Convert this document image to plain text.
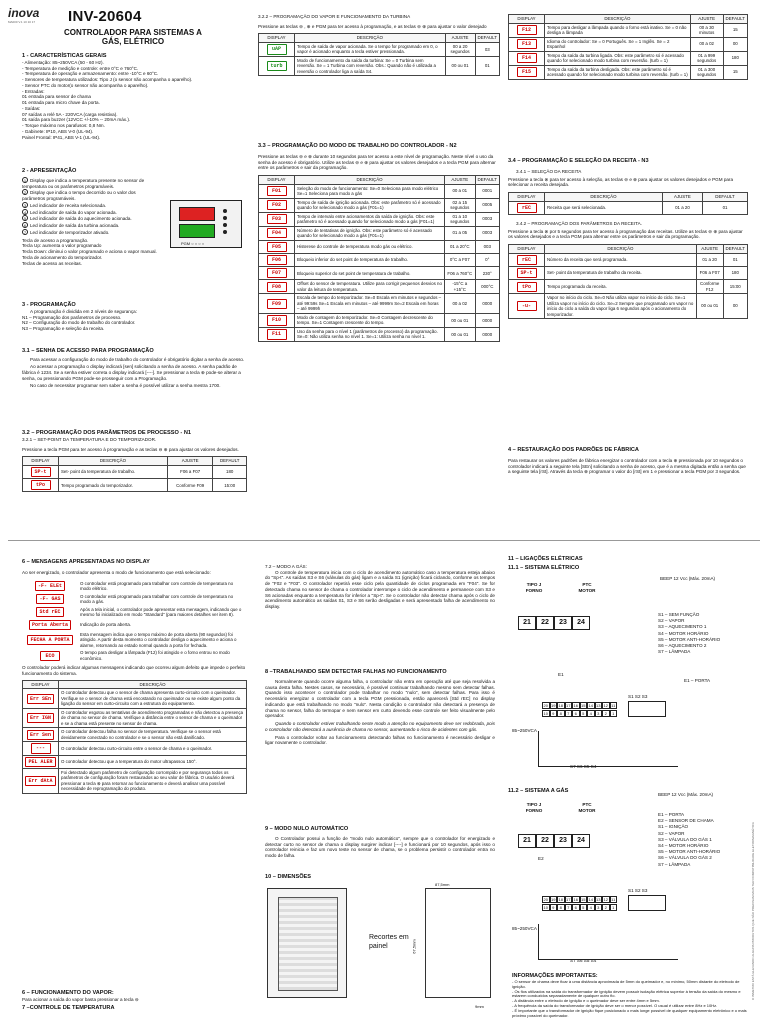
inova
MA000 V.1 10 10 17	INV-20604
CONTROLADOR PARA SISTEMAS A GÁS, ELÉTRICO
1 - CARACTERÍSTICAS GERAIS
- Alimentação: 85~250VCA (50 - 60 Hz).
- Temperatura de medição e controle: entre 0°C e 760°C.
- Temperatura de operação e armazenamento: entre -10°C e 60°C.
- Sensores de temperatura utilizados: Tipo J (o sensor não acompanha o aparelho).
- Sensor PTC do motor(o sensor não acompanha o aparelho).
- Entradas:
01 entrada para sensor de chama
01 entrada para micro chave da porta.
- Saídas:
07 saídas a relé 5A - 220VCA (carga resistiva).
01 saída para buzzer (12VCC +/-10% -- 20mA máx.).
- Torque máximo nos parafusos: 0,8 Nm.
- Gabinete: IP10, ABS V-0 (UL-94).
Painel Frontal: IP41, ABS V-1 (UL-94).
2 - APRESENTAÇÃO
1 Display que indica a temperatura presente no sensor de temperatura ou os parâmetros programáveis.
2 Display que indica o tempo decorrido ou o valor dos parâmetros programáveis.
3 Led indicador de receita selecionada.
4 Led indicador de saída do vapor acionada.
5 Led indicador de saída do aquecimento acionada.
6 Led indicador de saída da turbina acionada.
7 Led indicador de temporizador ativado.
Tecla de acesso a programação.
Tecla Up: aumenta o valor programado
Tecla Down: diminui o valor programado e aciona o vapor manual.
Tecla de acionamento do temporizador.
Teclas de acesso as receitas.
PGM ○ ○ ○ ○
3 - PROGRAMAÇÃO
A programação é dividida em 2 níveis de segurança:
N1 – Programação dos parâmetros de processo.
N2 – Configuração do modo de trabalho do controlador.
N3 – Programação e seleção da receita.
3.1 – SENHA DE ACESSO PARA PROGRAMAÇÃO

Para acessar a configuração do modo de trabalho do controlador é obrigatório digitar a senha de acesso.

Ao acessar a programação o display indicará [sen] solicitando a senha de acesso. A senha padrão de fábrica é 1234. Se a senha estiver correta o display indicará [----]. Se pressionar a tecla ⊕ pode-se alterar a senha, ou pressionando PGM pode-se prosseguir com a Programação.

No caso de necessitar programar sem saber a senha é possível utilizar a senha mestra 1700.

3.2 – PROGRAMAÇÃO DOS PARÂMETROS DE PROCESSO - N1
3.2.1 – SET-POINT DA TEMPERATURA E DO TEMPORIZADOR.
Pressione a tecla PGM para ter acesso à programação e as teclas ⊖ ⊕ para ajustar os valores desejados.
DISPLAY	DESCRIÇÃO	AJUSTE	DEFAULT
SP-t	Set- point da temperatura de trabalho.	F06 a F07	180
tPo	Tempo programado do temporizador.	Conforme F09	15:00
3.2.2 – PROGRAMAÇÃO DO VAPOR E FUNCIONAMENTO DA TURBINA
Pressione as teclas ⊖ , ⊕ e PGM para ter acesso à programação, e as teclas ⊖ ⊕ para ajustar o valor desejado
DISPLAY	DESCRIÇÃO	AJUSTE	DEFAULT
uAP	Tempo de saída de vapor acionada. Se o tempo for programado em 0, o vapor é acionado enquanto a tecla estiver pressionada.	00 a 20 segundos	03
turb	Modo de funcionamento da saída da turbina: Se = 0 Turbina sem reversão. Se = 1 Turbina com reversão. Obs.: Quando não é utilizada a reversão o controlador liga a saída S4.	00 ou 01	01
3.3 – PROGRAMAÇÃO DO MODO DE TRABALHO DO CONTROLADOR - N2
Pressione as teclas ⊖ e ⊕ durante 10 segundos para ter acesso a este nível de programação. Neste nível o uso da senha de acesso é obrigatório. Utilize as teclas ⊖ e ⊕ para ajustar os valores desejados e a tecla PGM para alternar entre os parâmetros e sair da programação.
DISPLAY	DESCRIÇÃO	AJUSTE	DEFAULT
F01	Seleção do modo de funcionamento: Se=0 Seleciona para modo elétrico Se=1 Seleciona para modo a gás	00 a 01	0001
F02	Tempo de saída de ignição acionada. Obs: este parâmetro só é acessado quando for selecionado modo a gás (F01=1)	02 a 15 segundos	0005
F03	Tempo de intervalo entre acionamentos da saída de ignição. Obs: este parâmetro só é acessado quando for selecionado modo a gás (F01=1)	01 a 10 segundos	0003
F04	Número de tentativas de ignição. Obs: este parâmetro só é acessado quando for selecionado modo a gás (F01=1)	01 a 05	0003
F05	Histerese do controle de temperatura modo gás ou elétrico.	01 a 20°C	003
F06	Bloqueio inferior do set point de temperatura de trabalho.	0°C a F07	0°
F07	Bloqueio superior do set point de temperatura de trabalho.	F06 a 760°C	230°
F08	Offset do sensor de temperatura. Utilize para corrigir pequenos desvios no valor da leitura de temperatura.	-15°C a +15°C	000°C
F09	Escala de tempo do temporizador. Se=0 Escala em minutos e segundos – até 99:59s Se=1 Escala em minutos – até 9999m Se=2 Escala em horas – até 9999h	00 a 02	0000
F10	Modo de contagem do temporizador. Se=0 Contagem decrescente do tempo. Se=1 Contagem crescente do tempo.	00 ou 01	0000
F11	Uso da senha para o nível 1 (parâmetros de processo) da programação. Se=0: Não utiliza senha no nível 1. Se=1: Utiliza senha no nível 1.	00 ou 01	0000
DISPLAY	DESCRIÇÃO	AJUSTE	DEFAULT
F12	Tempo para desligar a lâmpada quando o forno está inativo. Se = 0 não desliga a lâmpada	00 a 30 minutos	15
F13	Idioma do controlador: Se = 0 Português. Se = 1 Inglês. Se = 2 Espanhol	00 a 02	00
F14	Tempo da saída da turbina ligada. Obs: este parâmetro só é acessado quando for selecionado modo turbina com reversão. (turb = 1)	01 a 999 segundos	180
F15	Tempo da saída da turbina desligada. Obs: este parâmetro só é acessado quando for selecionado modo turbina com reversão. (turb = 1)	01 a 300 segundos	15
3.4 – PROGRAMAÇÃO E SELEÇÃO DA RECEITA - N3
3.4.1 – SELEÇÃO DA RECEITA
Pressione a tecla ⊗ para ter acesso à seleção, as teclas ⊖ e ⊕ para ajustar os valores desejados e PGM para selecionar a receita desejada.
DISPLAY	DESCRIÇÃO	AJUSTE	DEFAULT
rEC	Receita que será selecionada.	01 a 20	01
3.4.2 – PROGRAMAÇÃO DOS PARÂMETROS DA RECEITA.
Pressione a tecla ⊗ por 5 segundos para ter acesso à programação das receitas. Utilize as teclas ⊖ ⊕ para ajustar os valores desejados e a tecla PGM para alternar entre os parâmetros e sair da programação.
DISPLAY	DESCRIÇÃO	AJUSTE	DEFAULT
rEC	Número da receita que será programada.	01 a 20	01
SP-t	Set- point da temperatura de trabalho da receita.	F06 a F07	180
tPo	Tempo programado da receita.	Conforme F12	15:00
-u-	Vapor no início do ciclo. Se=0 Não utiliza vapor no início do ciclo. Se=1 Utiliza vapor no início do ciclo. Se=2 Sempre que programado um vapor no início do ciclo a saída do vapor liga 6 segundos após o acionamento do temporizador.	00 ou 01	00
4 – RESTAURAÇÃO DOS PADRÕES DE FÁBRICA
Para restaurar os valores padrões de fábrica energizar o controlador com a tecla ⊕ pressionada por 10 segundos o controlador indicará a seguinte tela [SEn] solicitando a senha de acesso, que é a mesma digitada então a senha que a seguinte tela [rSt]. Através da tecla ⊕ programar o valor do [rSt] em 1 e pressionar a tecla PGM por 3 segundos.
6 – MENSAGENS APRESENTADAS NO DISPLAY
Ao ser energizado, o controlador apresenta o modo de funcionamento que está selecionado:

-F- ELEt	O controlador está programado para trabalhar com controle de temperatura no modo elétrico.
-F- GAS	O controlador está programado para trabalhar com controle de temperatura no modo a gás.
Std rEC	Após a tela inicial, o controlador pode apresentar esta mensagem, indicando que o mesmo foi inicializado em modo "Standard" (para maiores detalhes ver item 8).
Porta Aberta	Indicação de porta aberta.
FECHA A PORTA	Esta mensagem indica que o tempo máximo de porta aberta (90 segundos) foi atingido. A partir desta momento o controlador desliga o aquecimento e aciona o alarme, retornando ao estado normal quando a porta for fechada.
ECO	O tempo para desligar a lâmpada (F12) foi atingido e o forno entrou no modo econômico.
O controlador poderá indicar algumas mensagens indicando que ocorreu algum defeito que impede o perfeito funcionamento do sistema.
DISPLAY	DESCRIÇÃO
Err SEn	O controlador detectou que o sensor de chama apresenta curto-circuito com o queimador. Verifique se o sensor de chama está encostando no queimador ou se existe algum ponto da ligação do sensor em curto-circuito com a estrutura do equipamento.
Err IGN	O controlador esgotou as tentativas de acendimento programadas e não detectou a presença de chama no sensor de chama. Verifique a distância entre o sensor de chama e o queimador e se a chama está presente no sensor de chama.
Err Sen	O controlador detectou falha no sensor de temperatura. Verifique se o sensor está devidamente conectado no controlador e se o sensor não está danificado.
---	O controlador detectou curto-circuito entre o sensor de chama e o queimador.
PEL ALER	O controlador detectou que a temperatura do motor ultrapassou 150°.
Err dAtA	Foi detectado algum parâmetro de configuração corrompido e por segurança todos os parâmetros de configuração foram restaurados ao seu valor de fábrica. O usuário deverá pressionar a tecla ⊗ para retornar ao funcionamento e deverá analisar uma possível necessidade de reprogramação do produto.
6 – FUNCIONAMENTO DO VAPOR:
Para acionar a saída do vapor basta pressionar a tecla ⊖
7 –CONTROLE DE TEMPERATURA
7.2 – MODO A GÁS:
O controle de temperatura inicia com o ciclo de acendimento automático caso a temperatura esteja abaixo do "Sp-t". As saídas S3 e S6 (válvulas do gás) ligam e a saída S1 (ignição) ficará ciclando, conforme os tempos de "F02 e "F03". O controlador repetirá esse ciclo pela quantidade de ciclos programada em "F04". Se for detectado chama no sensor de chama o controlador interrompe o ciclo de acendimento e permanece com S3 e S6 acionadas enquanto a temperatura for inferior a "Sp-t". Se o controlador não detectar chama após o ciclo de acendimento automático as saídas S1, S3 e S6 serão desligadas e será apresentado falha de acendimento no display.
8 –TRABALHANDO SEM DETECTAR FALHAS NO FUNCIONAMENTO
Normalmente quando ocorre alguma falha, o controlador não entra em operação até que seja resolvida a causa desta falha. Nestes casos, se necessário, é possível continuar trabalhando mesmo sem detectar falhas. Quando isso acontecer o controlador pode trabalhar no modo "nulo", sem detectar falhas. Para isso é necessário energizar o controlador com a tecla PGM pressionada, então aparecerá [Std rEC] no display indicando que está trabalhando no modo "nulo". Nesta condição o controlador não detectará a presença de chama no sensor, falha do termopar e nem sensor em curto devendo esse controle ser feito visualmente pelo operador.
Quando o controlador estiver trabalhando neste modo a atenção no equipamento deve ser redobrada, pois o controlador não detectará a ausência de chama no sensor, aumentando o risco de acidentes com gás.
Para o controlador voltar ao funcionamento detectando falhas no funcionamento é necessário desligar e ligar novamente o controlador.
9 – MODO NULO AUTOMÁTICO
O Controlador possui a função de "modo nulo automático", sempre que o controlador for energizado e detectar curto no sensor de chama o display surgirer indicar [----] e funcionará por 10 segundos, após isso o controlador reinicia e faz um novo teste no sensor de chama, se o problema persistir o controlador entra no modo de falha.
10 – DIMENSÕES
Recortes em painel
87,5mm
67,5mm
9mm
11 – LIGAÇÕES ELÉTRICAS
11.1 – SISTEMA ELÉTRICO
BEEP 12 Vcc (Máx. 20mA)
TIPO J FORNO
PTC MOTOR
21 22 23 24
S1 – SEM FUNÇÃO
S2 – VAPOR
S3 – AQUECIMENTO 1
S4 – MOTOR HORÁRIO
S5 – MOTOR ANTI-HORÁRIO
S6 – AQUECIMENTO 2
S7 – LÂMPADA
E1 – PORTA
E1
20 19 18 17 16 15 14 13 12 11
10 9 8 7 6 5 4 3 2 1
S1 S2 S3
85~250VCA
S7 S6 S5 S4
11.2 – SISTEMA A GÁS
BEEP 12 Vcc (Máx. 20mA)
TIPO J FORNO
PTC MOTOR
21 22 23 24
E1 – PORTA
E2 – SENSOR DE CHAMA
S1 – IGNIÇÃO
S2 – VAPOR
S3 – VÁLVULA DO GÁS 1
S4 – MOTOR HORÁRIO
S5 – MOTOR ANTI-HORÁRIO
S6 – VÁLVULA DO GÁS 2
S7 – LÂMPADA
E2
20 19 18 17 16 15 14 13 12 11
10 9 8 7 6 5 4 3 2 1
S1 S2 S3
85~250VCA
S7 S6 S5 S4
INFORMAÇÕES IMPORTANTES:
- O sensor de chama deve ficar à uma distância aproximada de 5mm do queimador e, no mínimo, 50mm distante do eletrodo de ignição.
- Os fios utilizados na saída do transformador de ignição devem possuir isolação elétrica superior à tensão da saída do mesmo e estarem conduzidos separadamente de qualquer outro fio.
- A distância entre o eletrodo de ignição e o queimador deve ser entre 4mm e 5mm.
- A frequência da saída do transformador de ignição deve ser o menor possível. O usual é utilizar entre 8Hz e 10Hz.
- É importante que o transformador de ignição fique posicionado o mais longe possível de qualquer equipamento eletrônico e o mais próximo possível do queimador.
O INMETRO ESTÁ ELEVANDO ALGUNS PRODUTOS QUE NÃO PRECISAM MAIS TER COMPATIBILIDADE ELETROMAGNÉTICA
